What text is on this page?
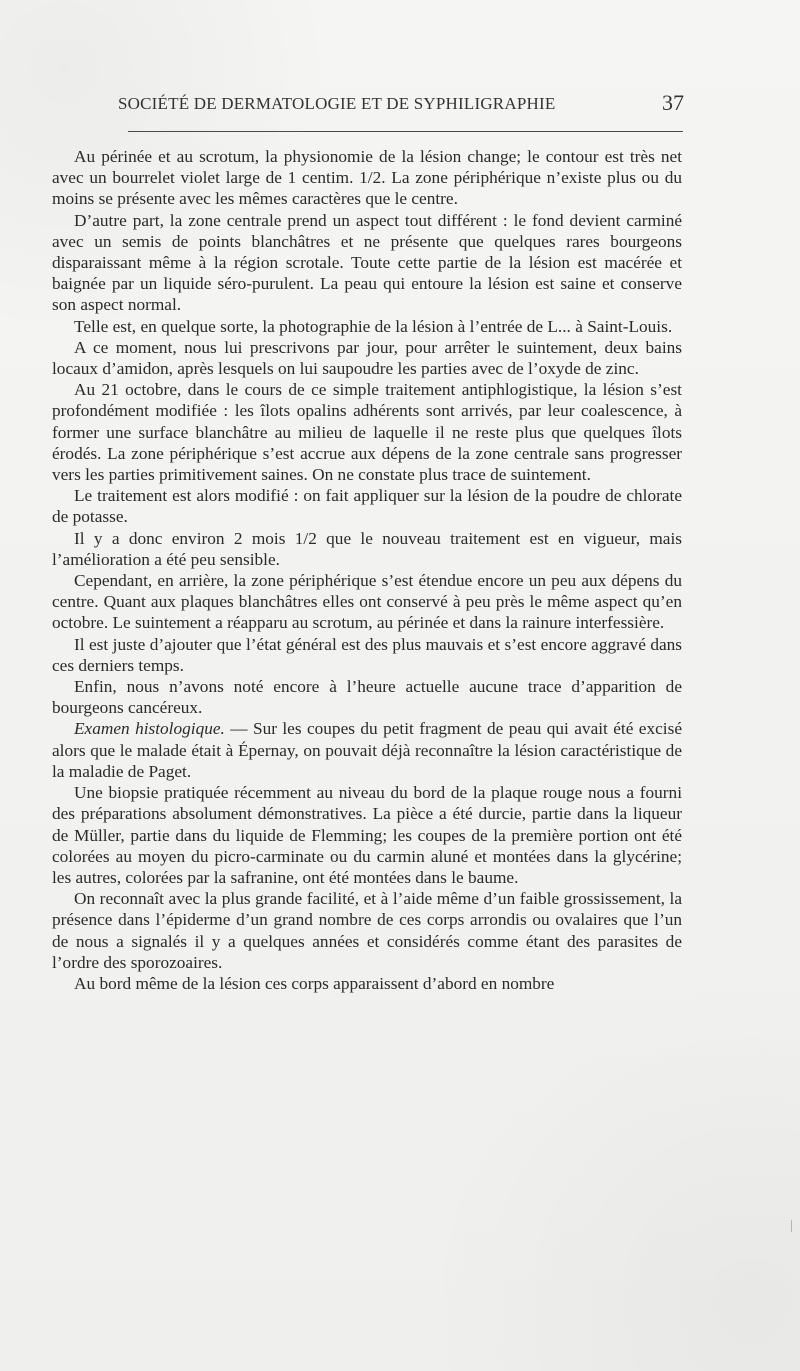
SOCIÉTÉ DE DERMATOLOGIE ET DE SYPHILIGRAPHIE	37

Au périnée et au scrotum, la physionomie de la lésion change; le contour est très net avec un bourrelet violet large de 1 centim. 1/2. La zone périphérique n’existe plus ou du moins se présente avec les mêmes caractères que le centre.

D’autre part, la zone centrale prend un aspect tout différent : le fond devient carminé avec un semis de points blanchâtres et ne présente que quelques rares bourgeons disparaissant même à la région scrotale. Toute cette partie de la lésion est macérée et baignée par un liquide séro-purulent. La peau qui entoure la lésion est saine et conserve son aspect normal.

Telle est, en quelque sorte, la photographie de la lésion à l’entrée de L... à Saint-Louis.

A ce moment, nous lui prescrivons par jour, pour arrêter le suintement, deux bains locaux d’amidon, après lesquels on lui saupoudre les parties avec de l’oxyde de zinc.

Au 21 octobre, dans le cours de ce simple traitement antiphlogistique, la lésion s’est profondément modifiée : les îlots opalins adhérents sont arrivés, par leur coalescence, à former une surface blanchâtre au milieu de laquelle il ne reste plus que quelques îlots érodés. La zone périphérique s’est accrue aux dépens de la zone centrale sans progresser vers les parties primitivement saines. On ne constate plus trace de suintement.

Le traitement est alors modifié : on fait appliquer sur la lésion de la poudre de chlorate de potasse.

Il y a donc environ 2 mois 1/2 que le nouveau traitement est en vigueur, mais l’amélioration a été peu sensible.

Cependant, en arrière, la zone périphérique s’est étendue encore un peu aux dépens du centre. Quant aux plaques blanchâtres elles ont conservé à peu près le même aspect qu’en octobre. Le suintement a réapparu au scrotum, au périnée et dans la rainure interfessière.

Il est juste d’ajouter que l’état général est des plus mauvais et s’est encore aggravé dans ces derniers temps.

Enfin, nous n’avons noté encore à l’heure actuelle aucune trace d’apparition de bourgeons cancéreux.

Examen histologique. — Sur les coupes du petit fragment de peau qui avait été excisé alors que le malade était à Épernay, on pouvait déjà reconnaître la lésion caractéristique de la maladie de Paget.

Une biopsie pratiquée récemment au niveau du bord de la plaque rouge nous a fourni des préparations absolument démonstratives. La pièce a été durcie, partie dans la liqueur de Müller, partie dans du liquide de Flemming; les coupes de la première portion ont été colorées au moyen du picro-carminate ou du carmin aluné et montées dans la glycérine; les autres, colorées par la safranine, ont été montées dans le baume.

On reconnaît avec la plus grande facilité, et à l’aide même d’un faible grossissement, la présence dans l’épiderme d’un grand nombre de ces corps arrondis ou ovalaires que l’un de nous a signalés il y a quelques années et considérés comme étant des parasites de l’ordre des sporozoaires.

Au bord même de la lésion ces corps apparaissent d’abord en nombre
